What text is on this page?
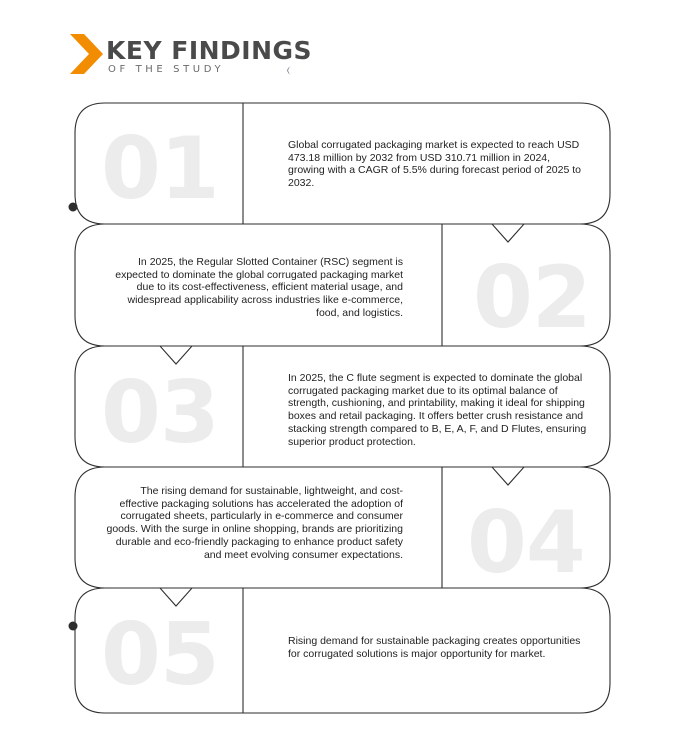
KEY FINDINGS
OF THE STUDY
01	Global corrugated packaging market is expected to reach USD 473.18 million by 2032 from USD 310.71 million in 2024, growing with a CAGR of 5.5% during forecast period of 2025 to 2032.
02
In 2025, the Regular Slotted Container (RSC) segment is expected to dominate the global corrugated packaging market due to its cost-effectiveness, efficient material usage, and widespread applicability across industries like e-commerce, food, and logistics.
03	In 2025, the C flute segment is expected to dominate the global corrugated packaging market due to its optimal balance of strength, cushioning, and printability, making it ideal for shipping boxes and retail packaging. It offers better crush resistance and stacking strength compared to B, E, A, F, and D Flutes, ensuring superior product protection.
04
The rising demand for sustainable, lightweight, and cost-effective packaging solutions has accelerated the adoption of corrugated sheets, particularly in e-commerce and consumer goods. With the surge in online shopping, brands are prioritizing durable and eco-friendly packaging to enhance product safety and meet evolving consumer expectations.
05	Rising demand for sustainable packaging creates opportunities for corrugated solutions is major opportunity for market.
